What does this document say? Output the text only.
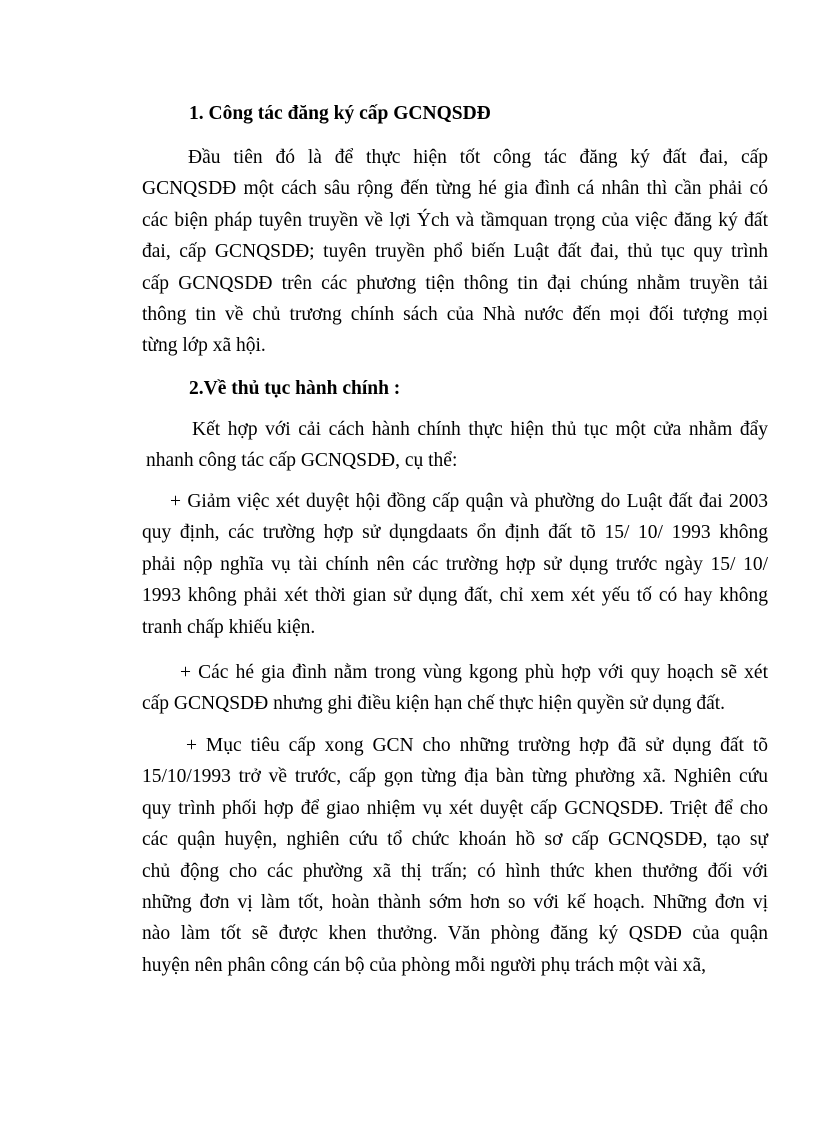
1. Công tác đăng ký cấp GCNQSDĐ
Đầu tiên đó là để thực hiện tốt công tác đăng ký đất đai, cấp
GCNQSDĐ một cách sâu rộng đến từng hé gia đình cá nhân thì cần phải có
các biện pháp tuyên truyền về lợi Ých và tầmquan trọng của việc đăng ký đất
đai, cấp GCNQSDĐ; tuyên truyền phổ biến Luật đất đai, thủ tục quy trình
cấp GCNQSDĐ trên các phương tiện thông tin đại chúng nhằm truyền tải
thông tin về chủ trương chính sách của Nhà nước đến mọi đối tượng mọi
từng lớp xã hội.
2.Về thủ tục hành chính :
Kết hợp với cải cách hành chính thực hiện thủ tục một cửa nhằm đẩy
nhanh công tác cấp GCNQSDĐ, cụ thể:
+ Giảm việc xét duyệt hội đồng cấp quận và phường do Luật đất đai 2003
quy định, các trường hợp sử dụngdaats ổn định đất tõ 15/ 10/ 1993 không
phải nộp nghĩa vụ tài chính nên các trường hợp sử dụng trước ngày 15/ 10/
1993 không phải xét thời gian sử dụng đất, chỉ xem xét yếu tố có hay không
tranh chấp khiếu kiện.
+ Các hé gia đình nằm trong vùng kgong phù hợp với quy hoạch sẽ xét
cấp GCNQSDĐ nhưng ghi điều kiện hạn chế thực hiện quyền sử dụng đất.
+ Mục tiêu cấp xong GCN cho những trường hợp đã sử dụng đất tõ
15/10/1993 trở về trước, cấp gọn từng địa bàn từng phường xã. Nghiên cứu
quy trình phối hợp để giao nhiệm vụ xét duyệt cấp GCNQSDĐ. Triệt để cho
các quận huyện, nghiên cứu tổ chức khoán hồ sơ cấp GCNQSDĐ, tạo sự
chủ động cho các phường xã thị trấn; có hình thức khen thưởng đối với
những đơn vị làm tốt, hoàn thành sớm hơn so với kế hoạch. Những đơn vị
nào làm tốt sẽ được khen thưởng. Văn phòng đăng ký QSDĐ của quận
huyện nên phân công cán bộ của phòng mỗi người phụ trách một vài xã,
